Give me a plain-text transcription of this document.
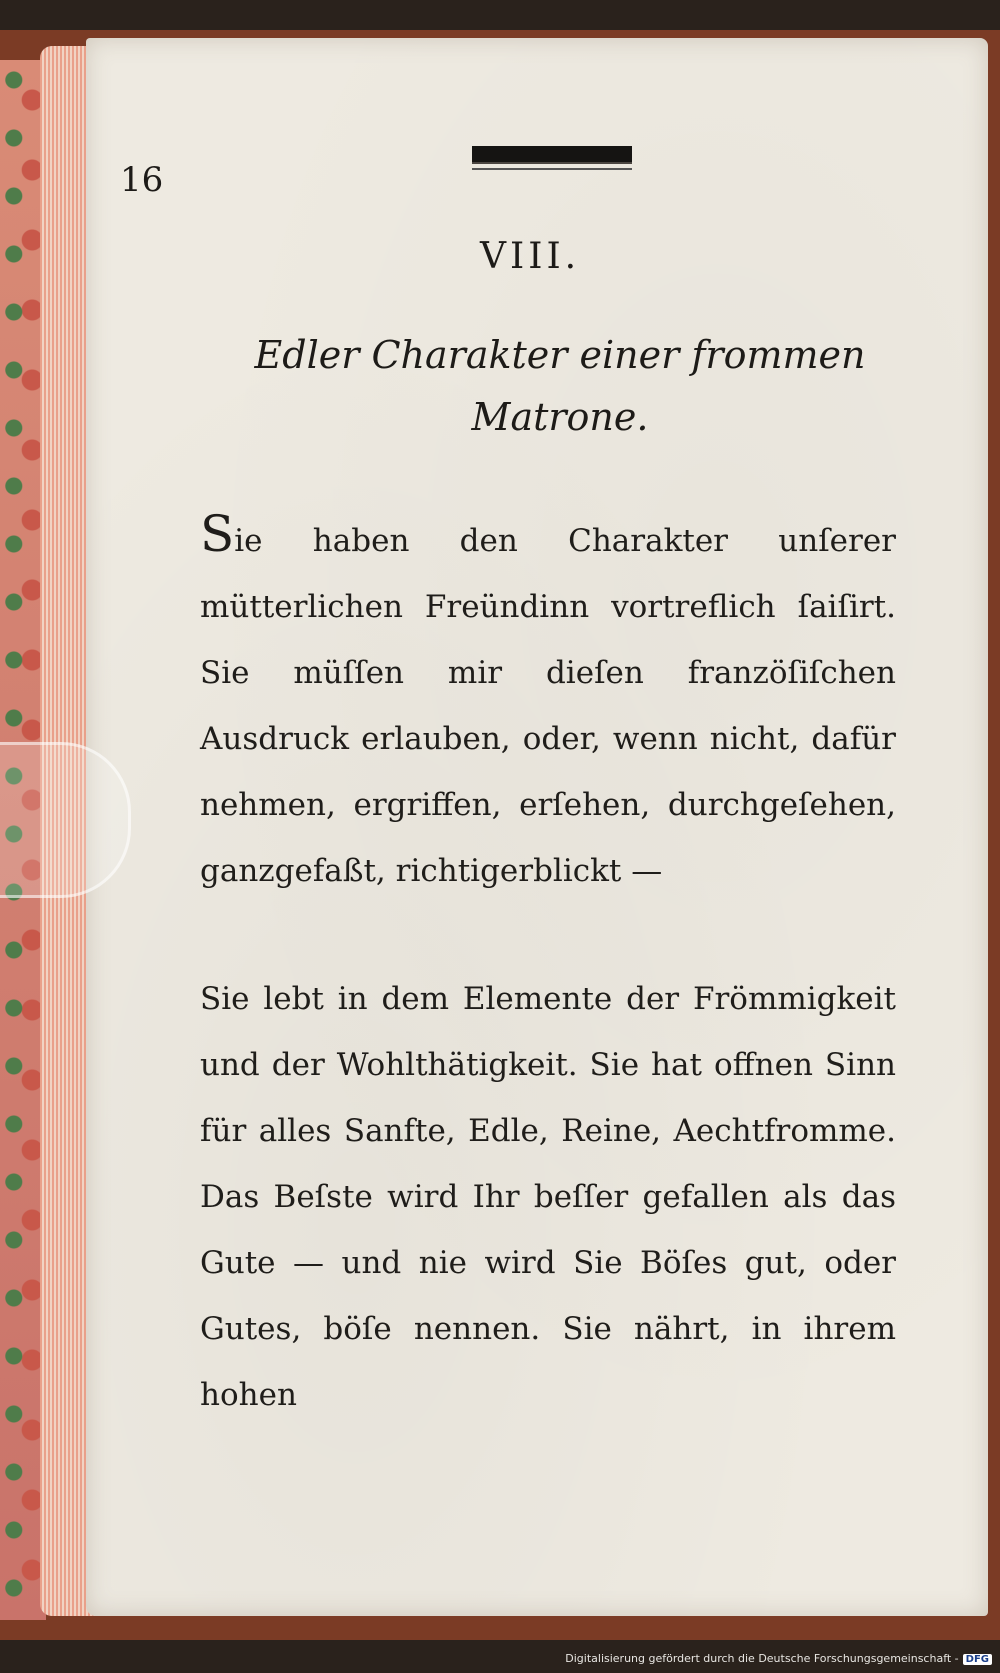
16

VIII.
Edler Charakter einer frommen
Matrone.

Sie haben den Charakter unſerer mütterlichen Freündinn vortreflich ſaiſirt. Sie müſſen mir dieſen franzöſiſchen Ausdruck erlauben, oder, wenn nicht, dafür nehmen, ergriffen, erſehen, durchgeſehen, ganzgefaßt, richtigerblickt —

Sie lebt in dem Elemente der Frömmigkeit und der Wohlthätigkeit. Sie hat offnen Sinn für alles Sanfte, Edle, Reine, Aechtfromme. Das Beſste wird Ihr beſſer gefallen als das Gute — und nie wird Sie Böſes gut, oder Gutes, böſe nennen. Sie nährt, in ihrem hohen

Digitalisierung gefördert durch die Deutsche Forschungsgemeinschaft - DFG
